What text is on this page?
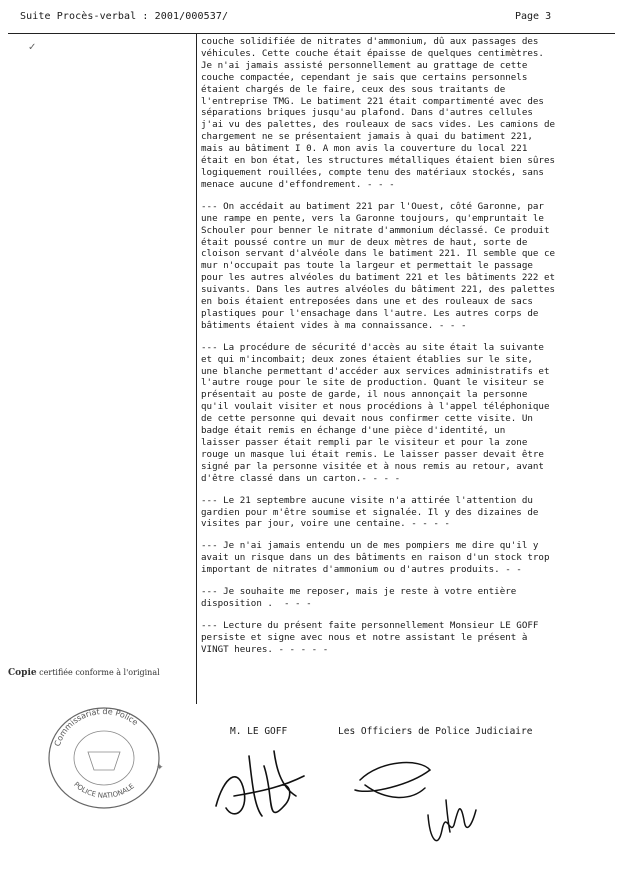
Suite Procès-verbal : 2001/000537/	Page 3
✓
couche solidifiée de nitrates d'ammonium, dû aux passages des
véhicules. Cette couche était épaisse de quelques centimètres.
Je n'ai jamais assisté personnellement au grattage de cette
couche compactée, cependant je sais que certains personnels
étaient chargés de le faire, ceux des sous traitants de
l'entreprise TMG. Le batiment 221 était compartimenté avec des
séparations briques jusqu'au plafond. Dans d'autres cellules
j'ai vu des palettes, des rouleaux de sacs vides. Les camions de
chargement ne se présentaient jamais à quai du batiment 221,
mais au bâtiment I 0. A mon avis la couverture du local 221
était en bon état, les structures métalliques étaient bien sûres
logiquement rouillées, compte tenu des matériaux stockés, sans
menace aucune d'effondrement. - - -
--- On accédait au batiment 221 par l'Ouest, côté Garonne, par
une rampe en pente, vers la Garonne toujours, qu'empruntait le
Schouler pour benner le nitrate d'ammonium déclassé. Ce produit
était poussé contre un mur de deux mètres de haut, sorte de
cloison servant d'alvéole dans le batiment 221. Il semble que ce
mur n'occupait pas toute la largeur et permettait le passage
pour les autres alvéoles du batiment 221 et les bâtiments 222 et
suivants. Dans les autres alvéoles du bâtiment 221, des palettes
en bois étaient entreposées dans une et des rouleaux de sacs
plastiques pour l'ensachage dans l'autre. Les autres corps de
bâtiments étaient vides à ma connaissance. - - -
--- La procédure de sécurité d'accès au site était la suivante
et qui m'incombait; deux zones étaient établies sur le site,
une blanche permettant d'accéder aux services administratifs et
l'autre rouge pour le site de production. Quant le visiteur se
présentait au poste de garde, il nous annonçait la personne
qu'il voulait visiter et nous procédions à l'appel téléphonique
de cette personne qui devait nous confirmer cette visite. Un
badge était remis en échange d'une pièce d'identité, un
laisser passer était rempli par le visiteur et pour la zone
rouge un masque lui était remis. Le laisser passer devait être
signé par la personne visitée et à nous remis au retour, avant
d'être classé dans un carton.- - - -
--- Le 21 septembre aucune visite n'a attirée l'attention du
gardien pour m'être soumise et signalée. Il y des dizaines de
visites par jour, voire une centaine. - - - -
--- Je n'ai jamais entendu un de mes pompiers me dire qu'il y
avait un risque dans un des bâtiments en raison d'un stock trop
important de nitrates d'ammonium ou d'autres produits. - -
--- Je souhaite me reposer, mais je reste à votre entière
disposition .  - - -
--- Lecture du présent faite personnellement Monsieur LE GOFF
persiste et signe avec nous et notre assistant le présent à
VINGT heures. - - - - -
Copie certifiée conforme à l'original
Commissariat de Police
POLICE NATIONALE
✦
M. LE GOFF	Les Officiers de Police Judiciaire
